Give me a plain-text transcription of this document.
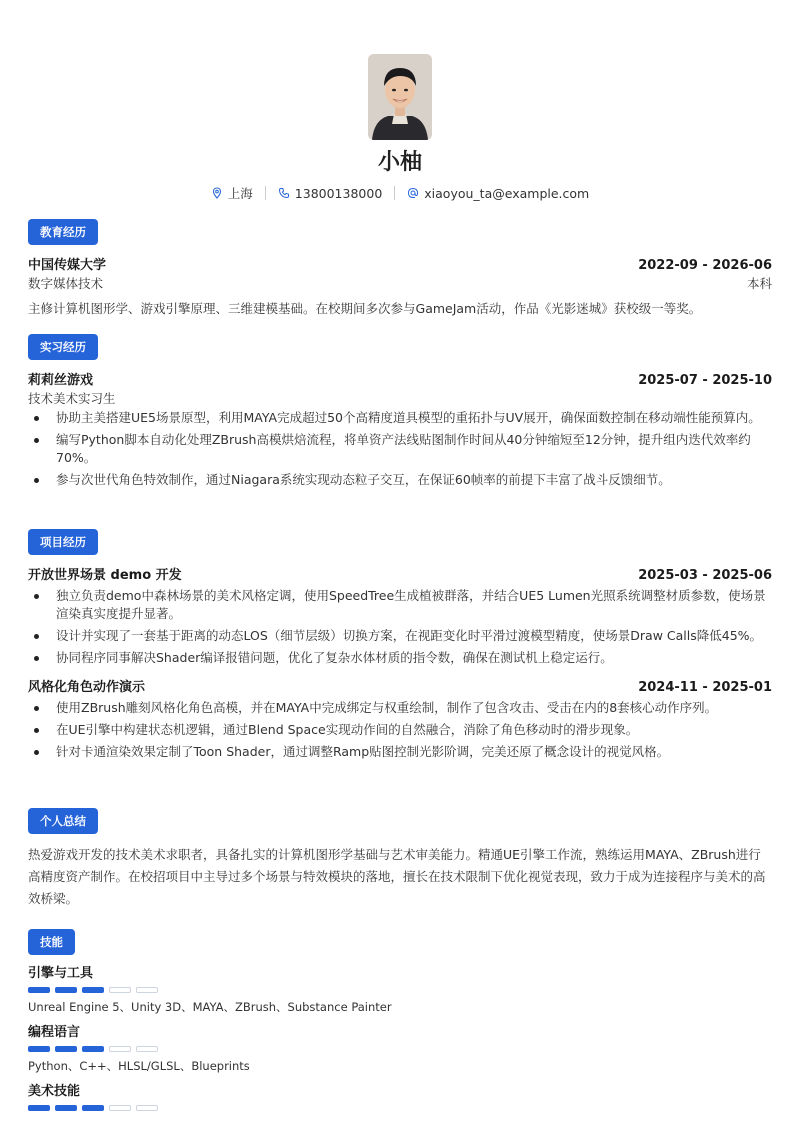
小柚
上海	13800138000	xiaoyou_ta@example.com
教育经历
中国传媒大学	2022-09 - 2026-06
数字媒体技术	本科
主修计算机图形学、游戏引擎原理、三维建模基础。在校期间多次参与GameJam活动，作品《光影迷城》获校级一等奖。
实习经历
莉莉丝游戏	2025-07 - 2025-10
技术美术实习生
协助主美搭建UE5场景原型，利用MAYA完成超过50个高精度道具模型的重拓扑与UV展开，确保面数控制在移动端性能预算内。
编写Python脚本自动化处理ZBrush高模烘焙流程，将单资产法线贴图制作时间从40分钟缩短至12分钟，提升组内迭代效率约70%。
参与次世代角色特效制作，通过Niagara系统实现动态粒子交互，在保证60帧率的前提下丰富了战斗反馈细节。
项目经历
开放世界场景 demo 开发	2025-03 - 2025-06
独立负责demo中森林场景的美术风格定调，使用SpeedTree生成植被群落，并结合UE5 Lumen光照系统调整材质参数，使场景渲染真实度提升显著。
设计并实现了一套基于距离的动态LOS（细节层级）切换方案，在视距变化时平滑过渡模型精度，使场景Draw Calls降低45%。
协同程序同事解决Shader编译报错问题，优化了复杂水体材质的指令数，确保在测试机上稳定运行。
风格化角色动作演示	2024-11 - 2025-01
使用ZBrush雕刻风格化角色高模，并在MAYA中完成绑定与权重绘制，制作了包含攻击、受击在内的8套核心动作序列。
在UE引擎中构建状态机逻辑，通过Blend Space实现动作间的自然融合，消除了角色移动时的滑步现象。
针对卡通渲染效果定制了Toon Shader，通过调整Ramp贴图控制光影阶调，完美还原了概念设计的视觉风格。
个人总结
热爱游戏开发的技术美术求职者，具备扎实的计算机图形学基础与艺术审美能力。精通UE引擎工作流，熟练运用MAYA、ZBrush进行高精度资产制作。在校招项目中主导过多个场景与特效模块的落地，擅长在技术限制下优化视觉表现，致力于成为连接程序与美术的高效桥梁。
技能
引擎与工具
Unreal Engine 5、Unity 3D、MAYA、ZBrush、Substance Painter
编程语言
Python、C++、HLSL/GLSL、Blueprints
美术技能
